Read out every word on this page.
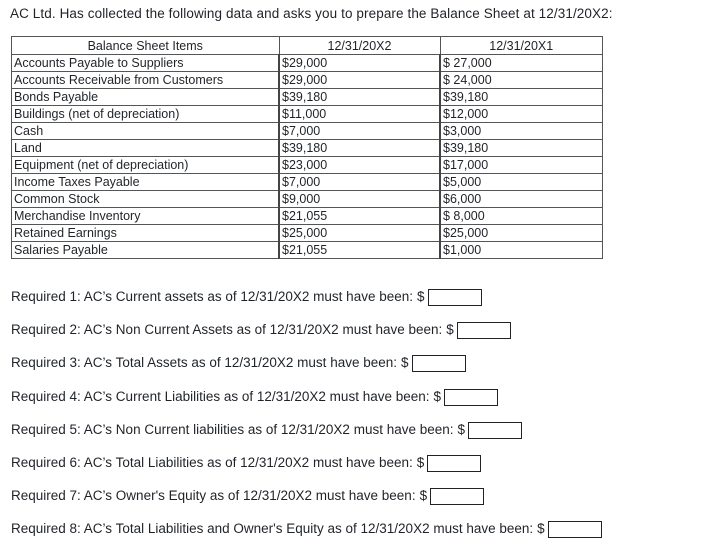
AC Ltd. Has collected the following data and asks you to prepare the Balance Sheet at 12/31/20X2:
Balance Sheet Items	12/31/20X2	12/31/20X1
Accounts Payable to Suppliers	$29,000	$ 27,000
Accounts Receivable from Customers	$29,000	$ 24,000
Bonds Payable	$39,180	$39,180
Buildings (net of depreciation)	$11,000	$12,000
Cash	$7,000	$3,000
Land	$39,180	$39,180
Equipment (net of depreciation)	$23,000	$17,000
Income Taxes Payable	$7,000	$5,000
Common Stock	$9,000	$6,000
Merchandise Inventory	$21,055	$ 8,000
Retained Earnings	$25,000	$25,000
Salaries Payable	$21,055	$1,000
Required 1: AC’s Current assets as of 12/31/20X2 must have been: $
Required 2: AC’s Non Current Assets as of 12/31/20X2 must have been: $
Required 3: AC’s Total Assets as of 12/31/20X2 must have been: $
Required 4: AC’s Current Liabilities as of 12/31/20X2 must have been: $
Required 5: AC’s Non Current liabilities as of 12/31/20X2 must have been: $
Required 6: AC’s Total Liabilities as of 12/31/20X2 must have been: $
Required 7: AC’s Owner's Equity as of 12/31/20X2 must have been: $
Required 8: AC’s Total Liabilities and Owner's Equity as of 12/31/20X2 must have been: $
